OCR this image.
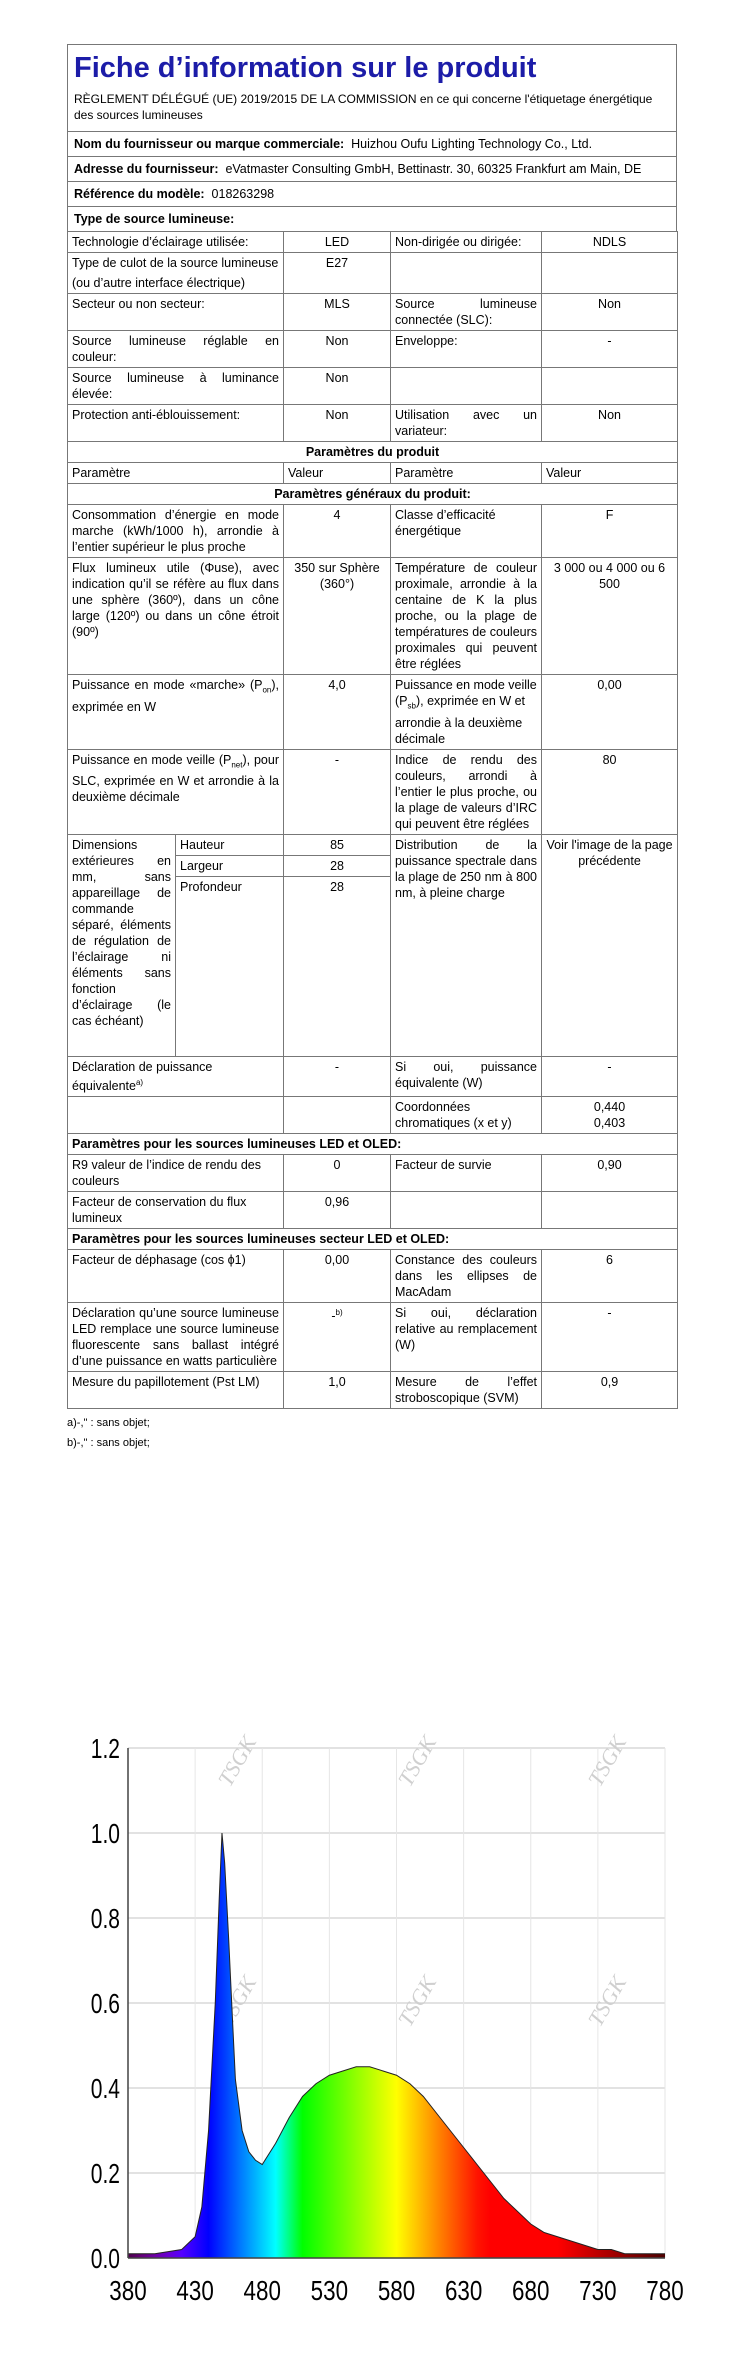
Fiche d’information sur le produit
RÈGLEMENT DÉLÉGUÉ (UE) 2019/2015 DE LA COMMISSION en ce qui concerne l'étiquetage énergétique des sources lumineuses
Nom du fournisseur ou marque commerciale: Huizhou Oufu Lighting Technology Co., Ltd.
Adresse du fournisseur: eVatmaster Consulting GmbH, Bettinastr. 30, 60325 Frankfurt am Main, DE
Référence du modèle: 018263298
Type de source lumineuse:
Technologie d’éclairage utilisée:		LED	Non-dirigée ou dirigée:	NDLS

Type de culot de la source lumineuse
(ou d’autre interface électrique)		E27		
Secteur ou non secteur:		MLS	Source lumineuse connectée (SLC):	Non
Source lumineuse réglable en couleur:		Non	Enveloppe:	-
Source lumineuse à luminance élevée:		Non		
Protection anti-éblouissement:		Non	Utilisation avec un variateur:	Non
Paramètres du produit				
Paramètre		Valeur	Paramètre	Valeur
Paramètres généraux du produit:				
Consommation d’énergie en mode marche (kWh/1000 h), arrondie à l’entier supérieur le plus proche		4	Classe d’efficacité énergétique	F
Flux lumineux utile (Φuse), avec indication qu’il se réfère au flux dans une sphère (360º), dans un cône large (120º) ou dans un cône étroit (90º)		350 sur Sphère (360°)	Température de couleur proximale, arrondie à la centaine de K la plus proche, ou la plage de températures de couleurs proximales qui peuvent être réglées	3 000 ou 4 000 ou 6 500
Puissance en mode «marche» $(P_{on})$, exprimée en W		4,0	Puissance en mode veille $(P_{sb})$, exprimée en W et arrondie à la deuxième décimale	0,00
Puissance en mode veille $(P_{net})$, pour SLC, exprimée en W et arrondie à la deuxième décimale		-	Indice de rendu des couleurs, arrondi à l’entier le plus proche, ou la plage de valeurs d’IRC qui peuvent être réglées	80
Dimensions extérieures en mm, sans appareillage de commande séparé, éléments de régulation de l’éclairage ni éléments sans fonction d’éclairage (le cas échéant)	Hauteur	85	Distribution de la puissance spectrale dans la plage de 250 nm à 800 nm, à pleine charge	Voir l'image de la page précédente
	Largeur	28		
	Profondeur	28		
Déclaration de puissance équivalente$^{a)}$		-	Si oui, puissance équivalente (W)	-
			Coordonnées chromatiques (x et y)	0,440
0,403

Paramètres pour les sources lumineuses LED et OLED:				
R9 valeur de l’indice de rendu des couleurs		0	Facteur de survie	0,90
Facteur de conservation du flux lumineux		0,96		
Paramètres pour les sources lumineuses secteur LED et OLED:				
Facteur de déphasage (cos ϕ1)		0,00	Constance des couleurs dans les ellipses de MacAdam	6
Déclaration qu’une source lumineuse LED remplace une source lumineuse fluorescente sans ballast intégré d’une puissance en watts particulière		-$^{b)}$	Si oui, déclaration relative au remplacement (W)	-
Mesure du papillotement (Pst LM)		1,0	Mesure de l’effet stroboscopique (SVM)	0,9
a)-," : sans objet;
b)-," : sans objet;
TSGK	TSGK	TSGK
TSGK	TSGK	TSGK
0.0
0.2
0.4
0.6
0.8
1.0
1.2
380 430 480 530 580 630 680 730 780
